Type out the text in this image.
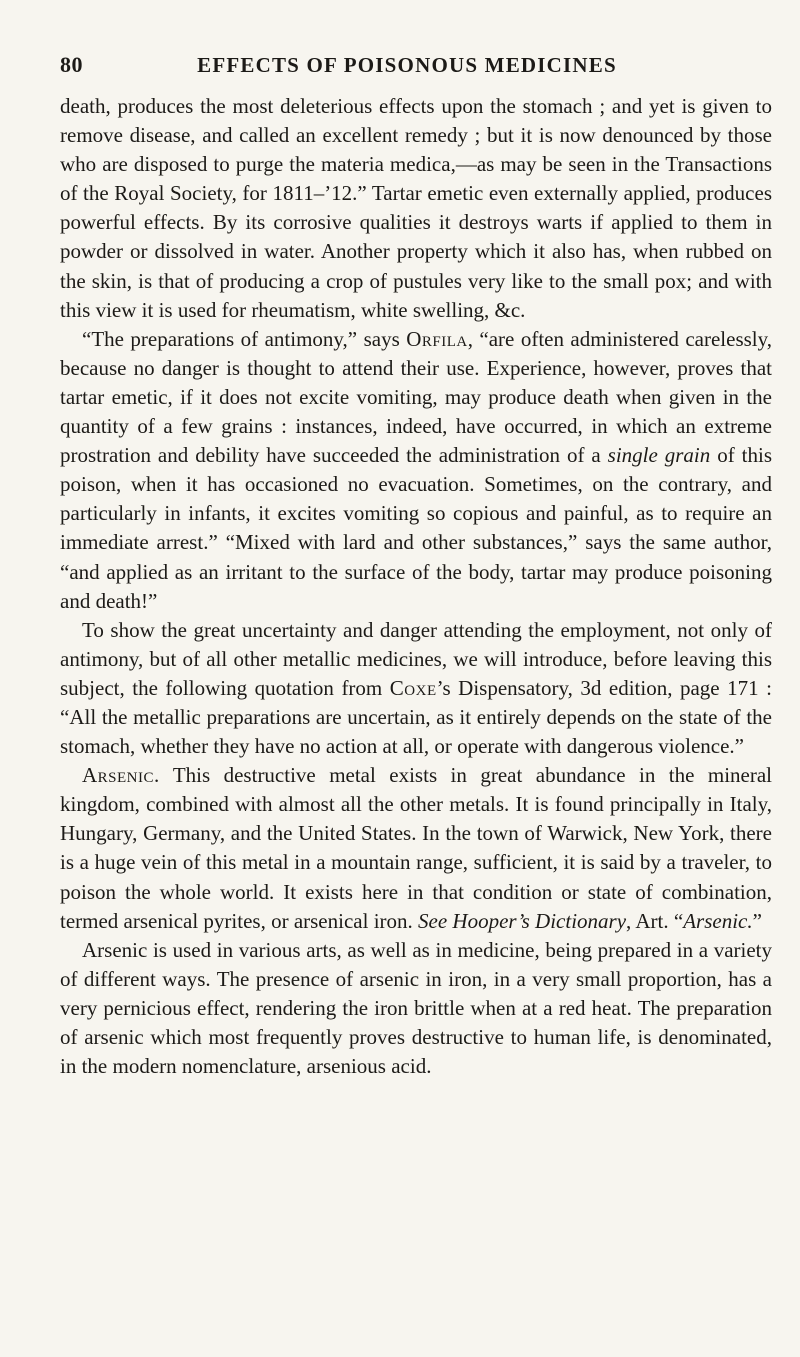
80	EFFECTS OF POISONOUS MEDICINES

death, produces the most deleterious effects upon the stomach ; and yet is given to remove disease, and called an excellent remedy ; but it is now denounced by those who are disposed to purge the materia medica,—as may be seen in the Transactions of the Royal Society, for 1811–’12.” Tartar emetic even externally applied, produces powerful effects. By its corrosive qualities it destroys warts if applied to them in powder or dissolved in water. Another property which it also has, when rubbed on the skin, is that of producing a crop of pustules very like to the small pox; and with this view it is used for rheumatism, white swelling, &c.

“The preparations of antimony,” says Orfila, “are often administered carelessly, because no danger is thought to attend their use. Experience, however, proves that tartar emetic, if it does not excite vomiting, may produce death when given in the quantity of a few grains : instances, indeed, have occurred, in which an extreme prostration and debility have succeeded the administration of a single grain of this poison, when it has occasioned no evacuation. Sometimes, on the contrary, and particularly in infants, it excites vomiting so copious and painful, as to require an immediate arrest.” “Mixed with lard and other substances,” says the same author, “and applied as an irritant to the surface of the body, tartar may produce poisoning and death!”

To show the great uncertainty and danger attending the employment, not only of antimony, but of all other metallic medicines, we will introduce, before leaving this subject, the following quotation from Coxe’s Dispensatory, 3d edition, page 171 : “All the metallic preparations are uncertain, as it entirely depends on the state of the stomach, whether they have no action at all, or operate with dangerous violence.”

Arsenic. This destructive metal exists in great abundance in the mineral kingdom, combined with almost all the other metals. It is found principally in Italy, Hungary, Germany, and the United States. In the town of Warwick, New York, there is a huge vein of this metal in a mountain range, sufficient, it is said by a traveler, to poison the whole world. It exists here in that condition or state of combination, termed arsenical pyrites, or arsenical iron. See Hooper’s Dictionary, Art. “Arsenic.”

Arsenic is used in various arts, as well as in medicine, being prepared in a variety of different ways. The presence of arsenic in iron, in a very small proportion, has a very pernicious effect, rendering the iron brittle when at a red heat. The preparation of arsenic which most frequently proves destructive to human life, is denominated, in the modern nomenclature, arsenious acid.
